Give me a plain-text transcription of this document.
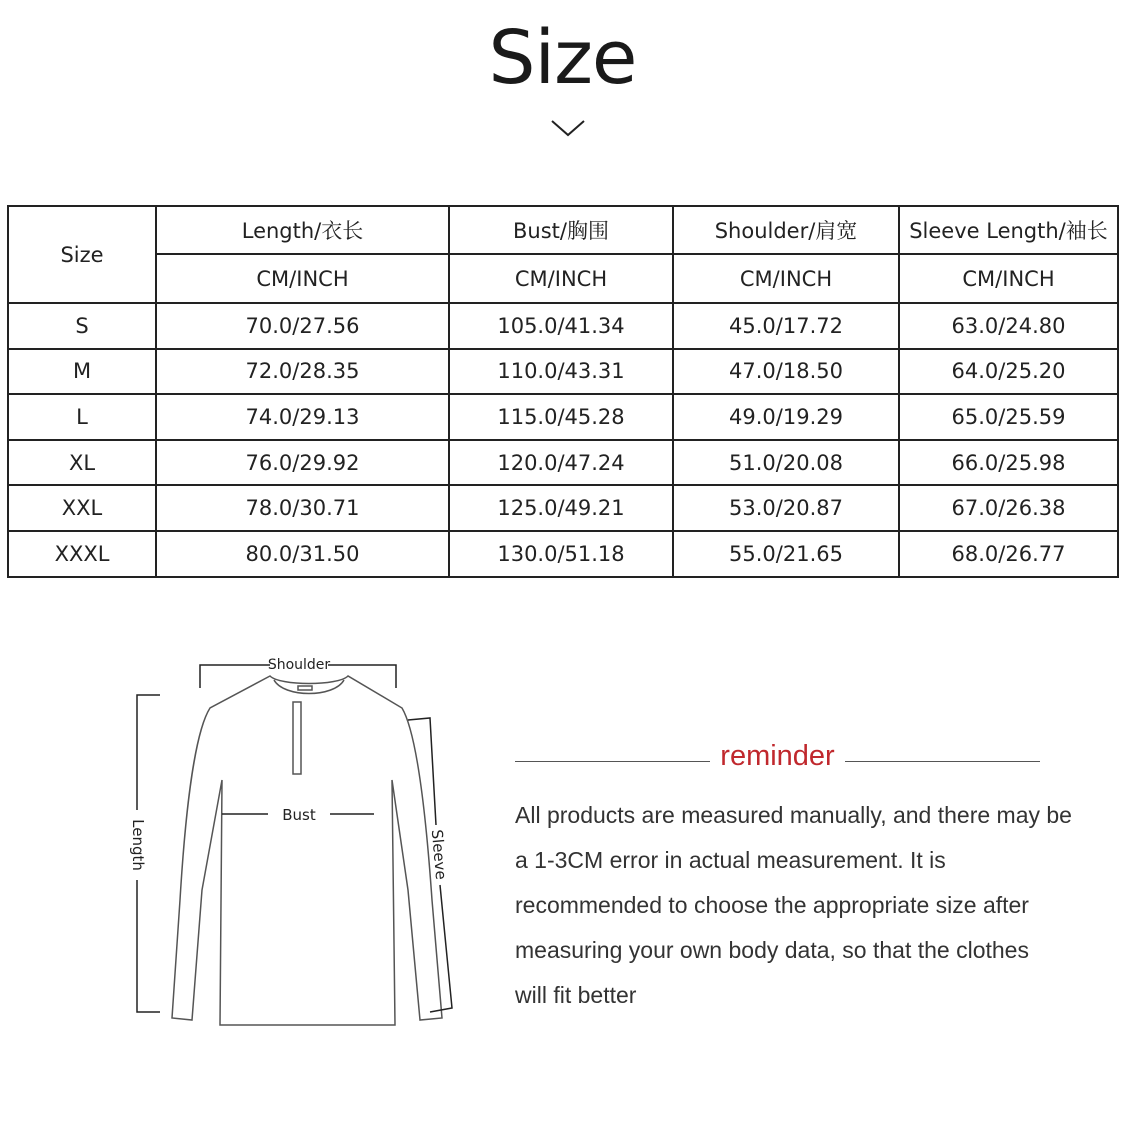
Size
Size	Length/衣长	Bust/胸围	Shoulder/肩宽	Sleeve Length/袖长
	CM/INCH	CM/INCH	CM/INCH	CM/INCH
S	70.0/27.56	105.0/41.34	45.0/17.72	63.0/24.80
M	72.0/28.35	110.0/43.31	47.0/18.50	64.0/25.20
L	74.0/29.13	115.0/45.28	49.0/19.29	65.0/25.59
XL	76.0/29.92	120.0/47.24	51.0/20.08	66.0/25.98
XXL	78.0/30.71	125.0/49.21	53.0/20.87	67.0/26.38
XXXL	80.0/31.50	130.0/51.18	55.0/21.65	68.0/26.77
Shoulder
Bust
Length	Sleeve
reminder
All products are measured manually, and there may be
a 1-3CM error in actual measurement. It is
recommended to choose the appropriate size after
measuring your own body data, so that the clothes
will fit better
